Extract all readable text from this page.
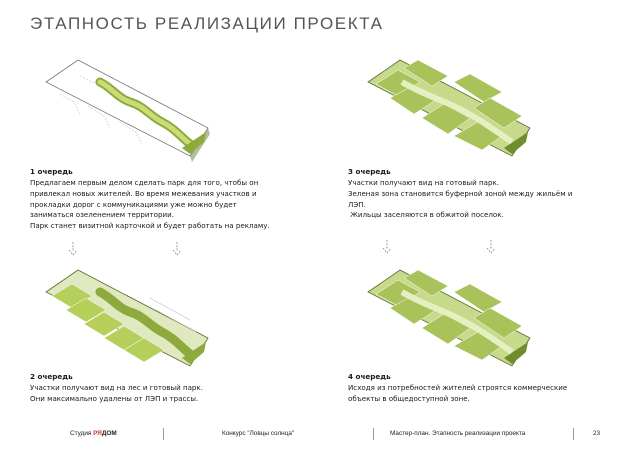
ЭТАПНОСТЬ РЕАЛИЗАЦИИ ПРОЕКТА
1 очередь
Предлагаем первым делом сделать парк для того, чтобы он
привлекал новых жителей. Во время межевания участков и
прокладки дорог с коммуникациями уже можно будет
заниматься озеленением территории.
Парк станет визитной карточкой и будет работать на рекламу.
3 очередь
Участки получают вид на готовый парк.
Зеленая зона становится буферной зоной между жильём и
ЛЭП.
Жильцы заселяются в обжитой поселок.
2 очередь
Участки получают вид на лес и готовый парк.
Они максимально удалены от ЛЭП и трассы.
4 очередь
Исходя из потребностей жителей строятся коммерческие
объекты в общедоступной зоне.
Студия РЯДОМ	Конкурс "Ловцы солнца"	Мастер-план. Этапность реализации проекта	23
